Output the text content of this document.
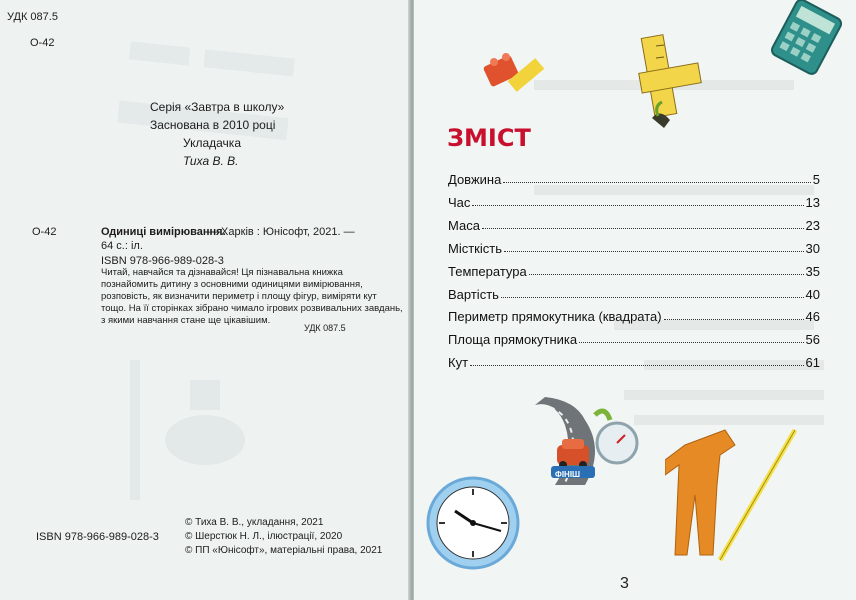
УДК 087.5
О-42
Серія «Завтра в школу»
Заснована в 2010 році
Укладачка
Тиха В. В.
О-42	Одиниці вимірювання.
— Харків : Юнісофт, 2021. —
64 с.: іл.
ISBN 978-966-989-028-3
Читай, навчайся та дізнавайся! Ця пізнавальна книжка
познайомить дитину з основними одиницями вимірювання,
розповість, як визначити периметр і площу фігур, виміряти кут
тощо. На її сторінках зібрано чимало ігрових розвивальних завдань,
з якими навчання стане ще цікавішим.
УДК 087.5
ISBN 978-966-989-028-3
© Тиха В. В., укладання, 2021
© Шерстюк Н. Л., ілюстрації, 2020
© ПП «Юнісофт», матеріальні права, 2021
ЗМІСТ
Довжина	5
Час	13
Маса	23
Місткість	30
Температура	35
Вартість	40
Периметр прямокутника (квадрата)	46
Площа прямокутника	56
Кут	61
ФІНІШ
3
